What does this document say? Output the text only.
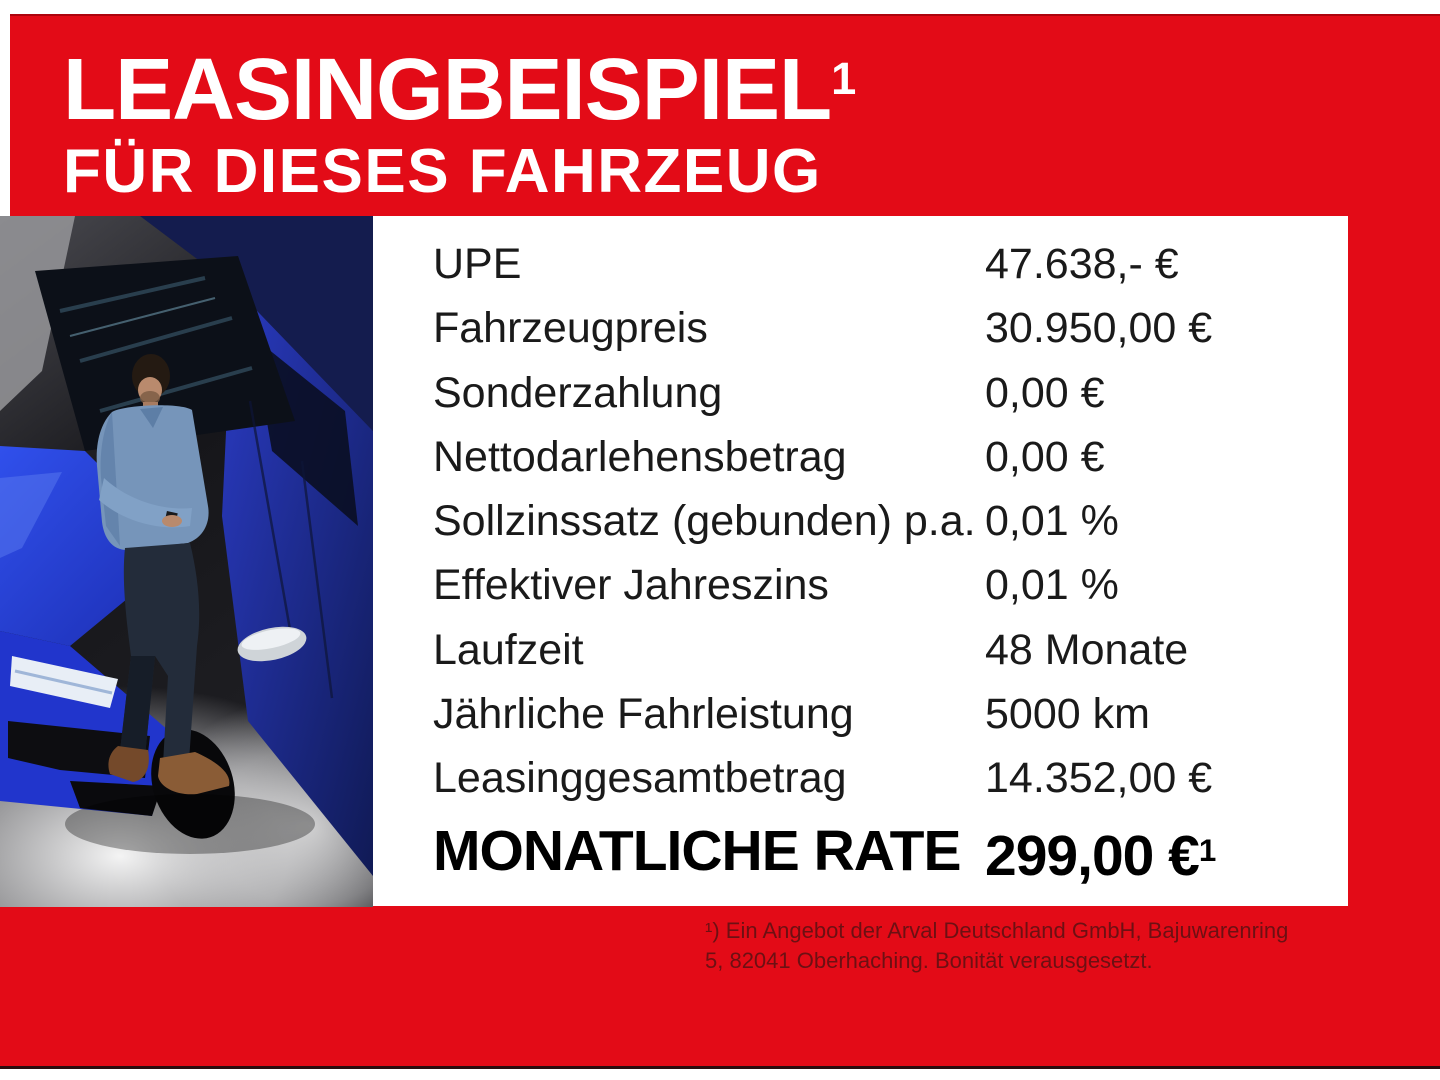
LEASINGBEISPIEL$^1$
FÜR DIESES FAHRZEUG
UPE	47.638,- €
Fahrzeugpreis	30.950,00 €
Sonderzahlung	0,00 €
Nettodarlehensbetrag	0,00 €
Sollzinssatz (gebunden) p.a. 0,01 %
Effektiver Jahreszins	0,01 %
Laufzeit	48 Monate
Jährliche Fahrleistung	5000 km
Leasinggesamtbetrag	14.352,00 €
MONATLICHE RATE 299,00 €$^1$
¹) Ein Angebot der Arval Deutschland GmbH, Bajuwarenring
5, 82041 Oberhaching. Bonität verausgesetzt.
